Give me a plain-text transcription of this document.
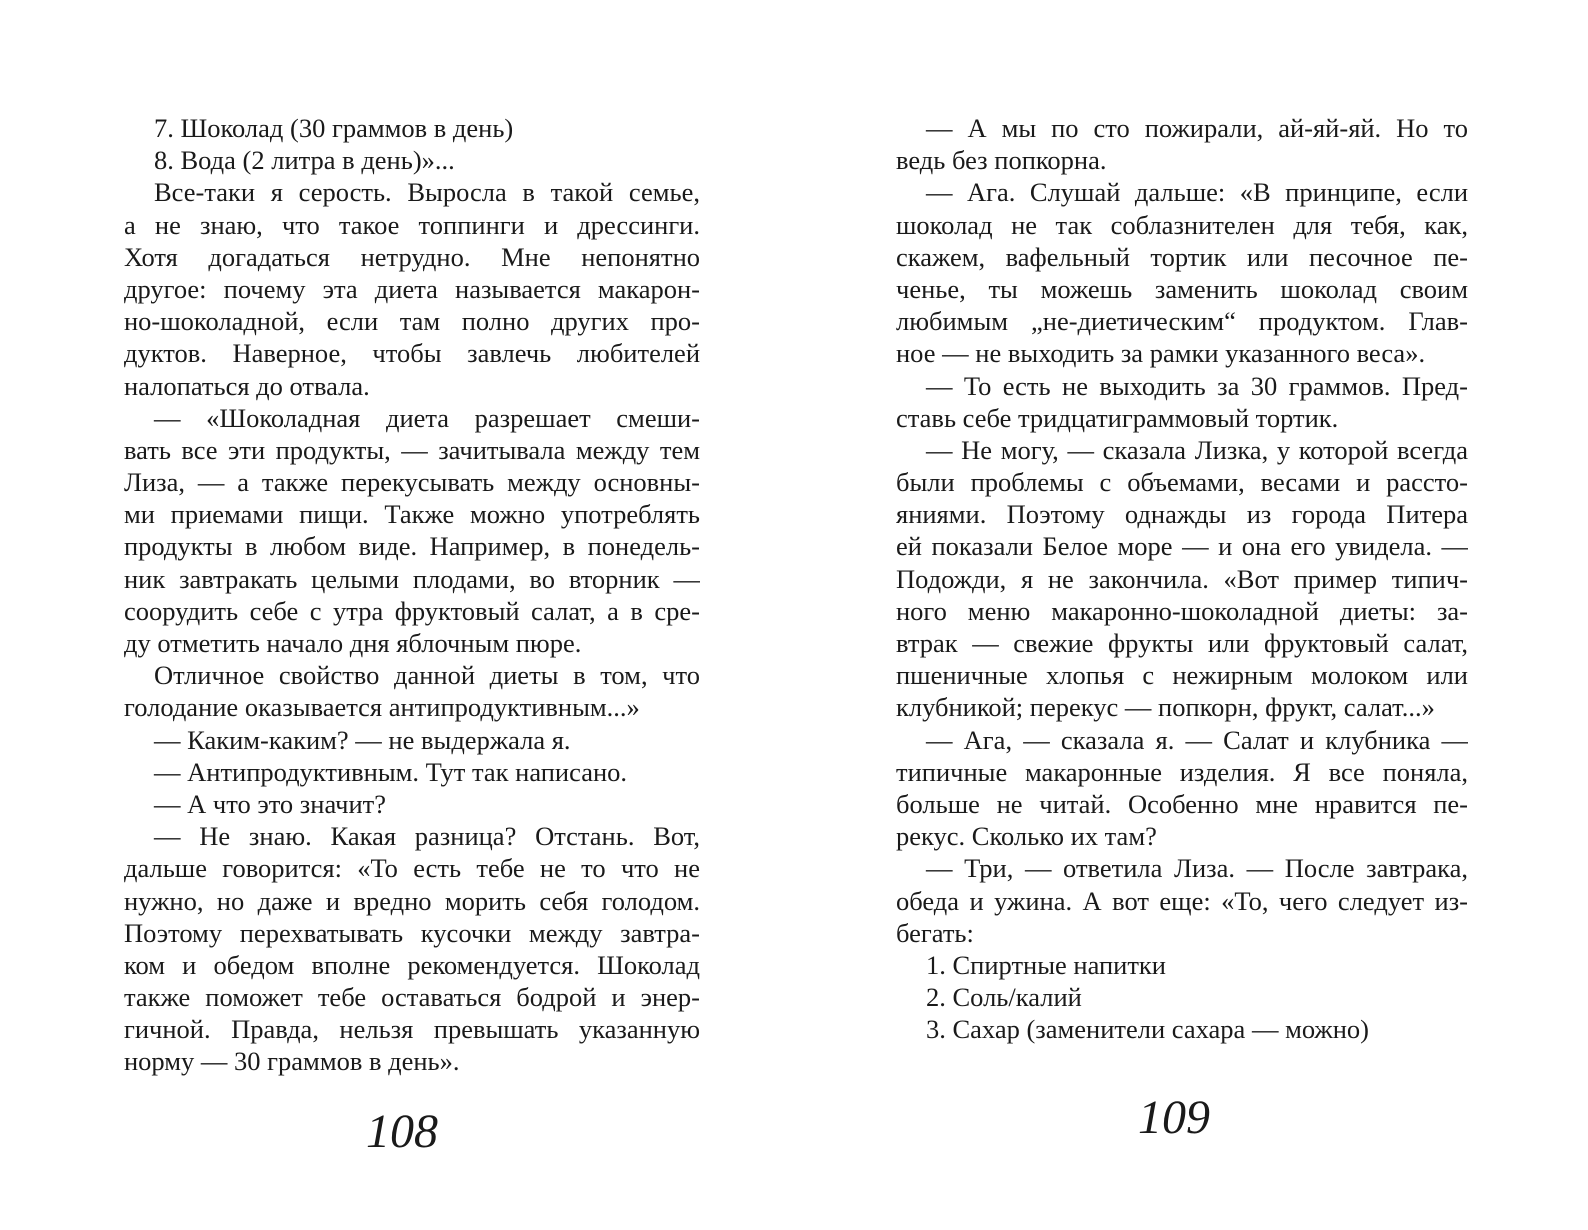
7. Шоколад (30 граммов в день)
8. Вода (2 литра в день)»...
Все-таки я серость. Выросла в такой семье,
а не знаю, что такое топпинги и дрессинги.
Хотя догадаться нетрудно. Мне непонятно
другое: почему эта диета называется макарон-
но-шоколадной, если там полно других про-
дуктов. Наверное, чтобы завлечь любителей
налопаться до отвала.
— «Шоколадная диета разрешает смеши-
вать все эти продукты, — зачитывала между тем
Лиза, — а также перекусывать между основны-
ми приемами пищи. Также можно употреблять
продукты в любом виде. Например, в понедель-
ник завтракать целыми плодами, во вторник —
соорудить себе с утра фруктовый салат, а в сре-
ду отметить начало дня яблочным пюре.
Отличное свойство данной диеты в том, что
голодание оказывается антипродуктивным...»
— Каким-каким? — не выдержала я.
— Антипродуктивным. Тут так написано.
— А что это значит?
— Не знаю. Какая разница? Отстань. Вот,
дальше говорится: «То есть тебе не то что не
нужно, но даже и вредно морить себя голодом.
Поэтому перехватывать кусочки между завтра-
ком и обедом вполне рекомендуется. Шоколад
также поможет тебе оставаться бодрой и энер-
гичной. Правда, нельзя превышать указанную
норму — 30 граммов в день».
108
— А мы по сто пожирали, ай-яй-яй. Но то
ведь без попкорна.
— Ага. Слушай дальше: «В принципе, если
шоколад не так соблазнителен для тебя, как,
скажем, вафельный тортик или песочное пе-
ченье, ты можешь заменить шоколад своим
любимым „не-диетическим“ продуктом. Глав-
ное — не выходить за рамки указанного веса».
— То есть не выходить за 30 граммов. Пред-
ставь себе тридцатиграммовый тортик.
— Не могу, — сказала Лизка, у которой всегда
были проблемы с объемами, весами и рассто-
яниями. Поэтому однажды из города Питера
ей показали Белое море — и она его увидела. —
Подожди, я не закончила. «Вот пример типич-
ного меню макаронно-шоколадной диеты: за-
втрак — свежие фрукты или фруктовый салат,
пшеничные хлопья с нежирным молоком или
клубникой; перекус — попкорн, фрукт, салат...»
— Ага, — сказала я. — Салат и клубника —
типичные макаронные изделия. Я все поняла,
больше не читай. Особенно мне нравится пе-
рекус. Сколько их там?
— Три, — ответила Лиза. — После завтрака,
обеда и ужина. А вот еще: «То, чего следует из-
бегать:
1. Спиртные напитки
2. Соль/калий
3. Сахар (заменители сахара — можно)
109
